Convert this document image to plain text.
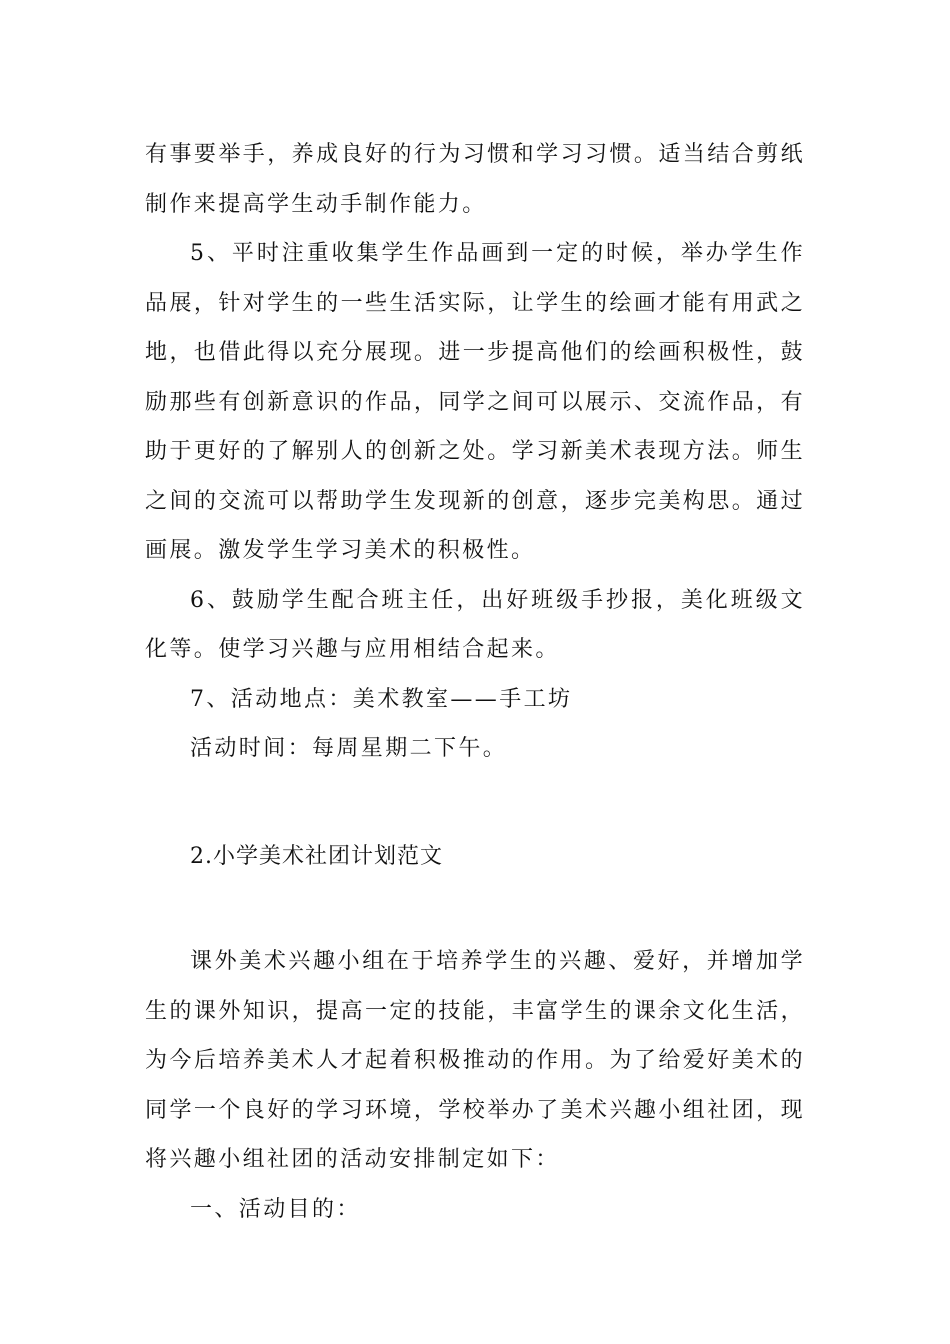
有事要举手，养成良好的行为习惯和学习习惯。适当结合剪纸制作来提高学生动手制作能力。

5、平时注重收集学生作品画到一定的时候，举办学生作品展，针对学生的一些生活实际，让学生的绘画才能有用武之地，也借此得以充分展现。进一步提高他们的绘画积极性，鼓励那些有创新意识的作品，同学之间可以展示、交流作品，有助于更好的了解别人的创新之处。学习新美术表现方法。师生之间的交流可以帮助学生发现新的创意，逐步完美构思。通过画展。激发学生学习美术的积极性。

6、鼓励学生配合班主任，出好班级手抄报，美化班级文化等。使学习兴趣与应用相结合起来。

7、活动地点：美术教室——手工坊

活动时间：每周星期二下午。

2.小学美术社团计划范文

课外美术兴趣小组在于培养学生的兴趣、爱好，并增加学生的课外知识，提高一定的技能，丰富学生的课余文化生活，为今后培养美术人才起着积极推动的作用。为了给爱好美术的同学一个良好的学习环境，学校举办了美术兴趣小组社团，现将兴趣小组社团的活动安排制定如下：

一、活动目的：
